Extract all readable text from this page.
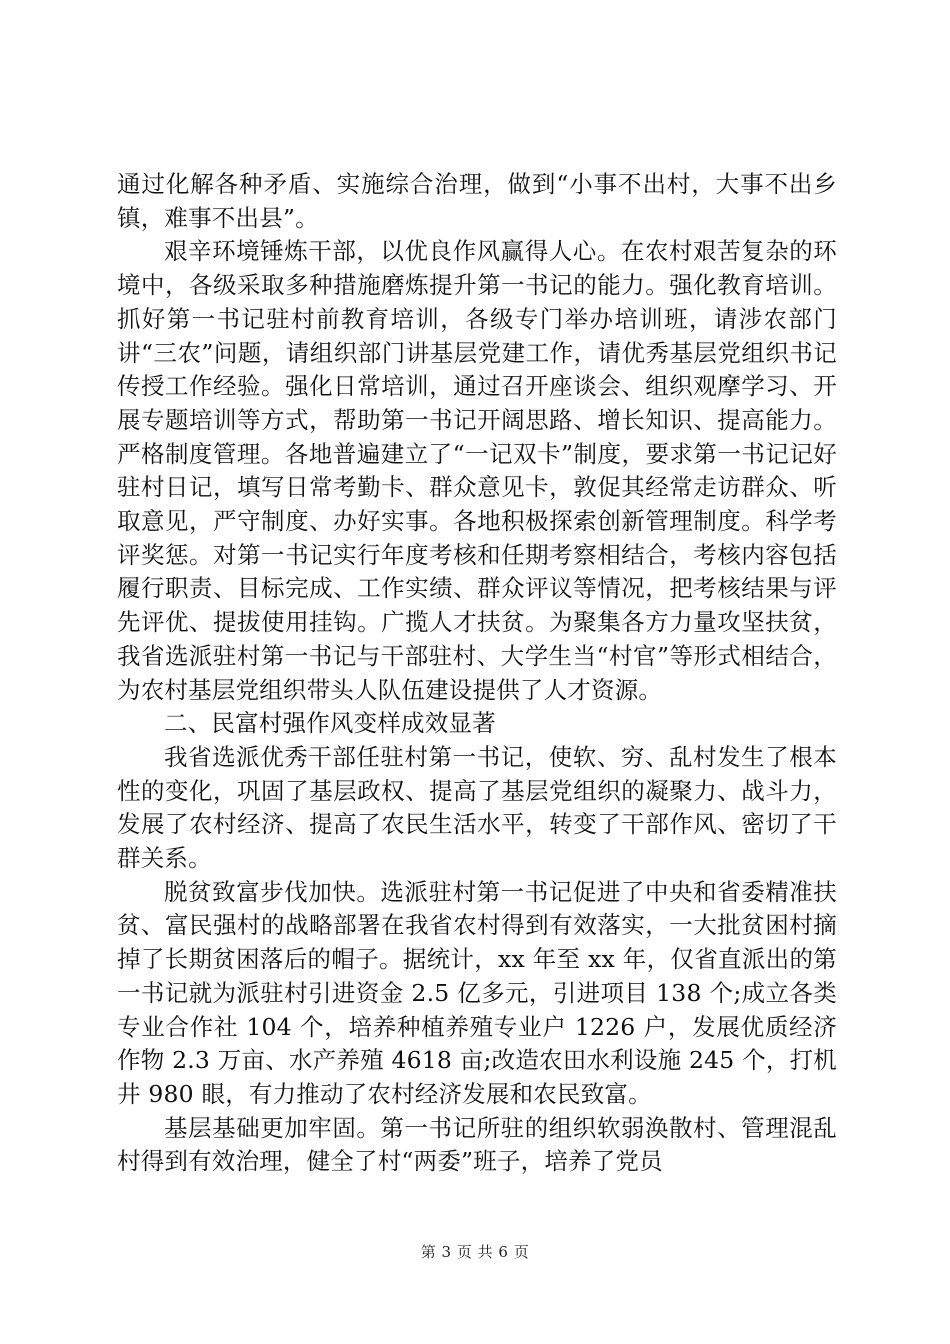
通过化解各种矛盾、实施综合治理，做到“小事不出村，大事不出乡镇，难事不出县”。

艰辛环境锤炼干部，以优良作风赢得人心。在农村艰苦复杂的环境中，各级采取多种措施磨炼提升第一书记的能力。强化教育培训。抓好第一书记驻村前教育培训，各级专门举办培训班，请涉农部门讲“三农”问题，请组织部门讲基层党建工作，请优秀基层党组织书记传授工作经验。强化日常培训，通过召开座谈会、组织观摩学习、开展专题培训等方式，帮助第一书记开阔思路、增长知识、提高能力。严格制度管理。各地普遍建立了“一记双卡”制度，要求第一书记记好驻村日记，填写日常考勤卡、群众意见卡，敦促其经常走访群众、听取意见，严守制度、办好实事。各地积极探索创新管理制度。科学考评奖惩。对第一书记实行年度考核和任期考察相结合，考核内容包括履行职责、目标完成、工作实绩、群众评议等情况，把考核结果与评先评优、提拔使用挂钩。广揽人才扶贫。为聚集各方力量攻坚扶贫，我省选派驻村第一书记与干部驻村、大学生当“村官”等形式相结合，为农村基层党组织带头人队伍建设提供了人才资源。

二、民富村强作风变样成效显著

我省选派优秀干部任驻村第一书记，使软、穷、乱村发生了根本性的变化，巩固了基层政权、提高了基层党组织的凝聚力、战斗力，发展了农村经济、提高了农民生活水平，转变了干部作风、密切了干群关系。

脱贫致富步伐加快。选派驻村第一书记促进了中央和省委精准扶贫、富民强村的战略部署在我省农村得到有效落实，一大批贫困村摘掉了长期贫困落后的帽子。据统计，xx 年至 xx 年，仅省直派出的第一书记就为派驻村引进资金 2.5 亿多元，引进项目 138 个;成立各类专业合作社 104 个，培养种植养殖专业户 1226 户，发展优质经济作物 2.3 万亩、水产养殖 4618 亩;改造农田水利设施 245 个，打机井 980 眼，有力推动了农村经济发展和农民致富。

基层基础更加牢固。第一书记所驻的组织软弱涣散村、管理混乱村得到有效治理，健全了村“两委”班子，培养了党员

第 3 页 共 6 页
